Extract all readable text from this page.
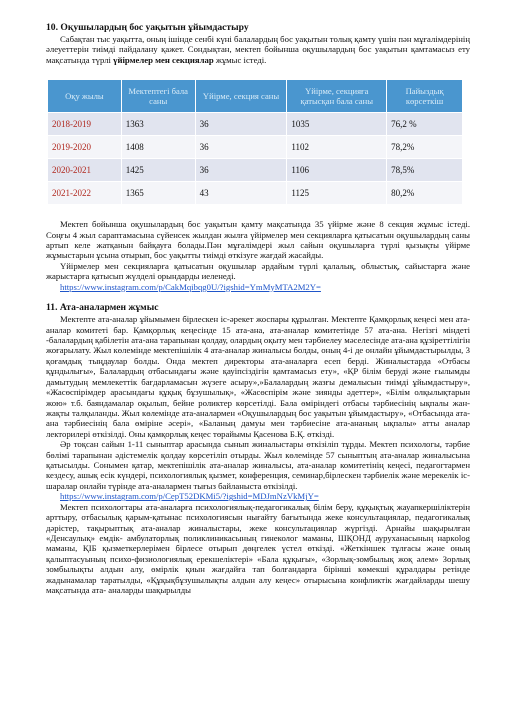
10. Оқушылардың бос уақытын ұйымдастыру

Сабақтан тыс уақытта, оның ішінде сенбі күні балалардың бос уақытын толық қамту үшін пән мұғалімдерінің әлеуеттерін тиімді пайдалану қажет. Сондықтан, мектеп бойынша оқушылардың бос уақытын қамтамасыз ету мақсатында түрлі үйірмелер мен секциялар жұмыс істеді.

Оқу жылы	Мектептегі бала саны	Үйірме, секция саны	Үйірме, секцияға қатысқан бала саны	Пайыздық көрсеткіш
2018-2019	1363	36	1035	76,2 %
2019-2020	1408	36	1102	78,2%
2020-2021	1425	36	1106	78,5%
2021-2022	1365	43	1125	80,2%

Мектеп бойынша оқушылардың бос уақытын қамту мақсатында 35 үйірме және 8 секция жұмыс істеді. Соңғы 4 жыл сараптамасына сүйенсек жылдан жылға үйірмелер мен секцияларға қатысатын оқушылардың саны артып келе жатқанын байқауға болады.Пән мұғалімдері жыл сайын оқушыларға түрлі қызықты үйірме жұмыстарын ұсына отырып, бос уақытты тиімді өткізуге жағдай жасайды.

Үйірмелер мен секцияларға қатысатын оқушылар әрдайым түрлі қалалық, облыстық, сайыстарға және жарыстарға қатысып жүлделі орындарды иеленеді.

https://www.instagram.com/p/CakMqibqg0U/?igshid=YmMyMTA2M2Y=
11. Ата-аналармен жұмыс

Мектепте ата-аналар ұйымымен бірлескен іс-әрекет жоспары құрылған. Мектепте Қамқорлық кеңесі мен ата-аналар комитеті бар. Қамқорлық кеңесінде 15 ата-ана, ата-аналар комитетінде 57 ата-ана. Негізгі міндеті -балалардың қабілетін ата-ана тарапынан қолдау, олардың оқыту мен тәрбиелеу мәселесінде ата-ана құзіреттілігін жоғарылату. Жыл көлемінде мектепішілік 4 ата-аналар жиналысы болды, оның 4-і де онлайн ұйымдастырылды, 3 қоғамдық тыңдаулар болды. Онда мектеп директоры ата-аналарға есеп берді. Жиналыстарда «Отбасы құндылығы», Балалардың отбасындағы және қауіпсіздігін қамтамасыз ету», «ҚР білім беруді және ғылымды дамытудың мемлекеттік бағдарламасын жүзеге асыру»,»Балалардың жазғы демалысын тиімді ұйымдастыру», «Жасөспірімдер арасындағы құқық бұзушылық», «Жасөспірім және зиянды әдеттер», «Білім олқылықтарын жою» т.б. баяндамалар оқылып, бейне роликтер көрсетілді. Бала өміріндегі отбасы тәрбиесінің ықпалы жан-жақты талқыланды. Жыл көлемінде ата-аналармен «Оқушылардың бос уақытын ұйымдастыру», «Отбасында ата-ана тәрбиесінің бала өміріне әсері», «Баланың дамуы мен тәрбиесіне ата-ананың ықпалы» атты аналар лекторилері өткізілді. Оны қамқорлық кеңес төрайымы Қасенова Б.Қ. өткізді.

Әр тоқсан сайын 1-11 сыныптар арасында сынып жиналыстары өткізіліп тұрды. Мектеп психологы, тәрбие бөлімі тарапынан әдістемелік қолдау көрсетіліп отырды. Жыл көлемінде 57 сыныптың ата-аналар жиналысына қатысылды. Сонымен қатар, мектепішілік ата-аналар жиналысы, ата-аналар комитетінің кеңесі, педагогтармен кездесу, ашық есік күндері, психологиялық қызмет, конференция, семинар,бірлескен тәрбиелік және мерекелік іс-шаралар онлайн түрінде ата-аналармен тығыз байланыста өткізілді.

https://www.instagram.com/p/CepT52DKMi5/?igshid=MDJmNzVkMjY=

Мектеп психологтары ата-аналарға психологиялық-педагогикалық білім беру, құқықтық жауапкершіліктерін арттыру, отбасылық қарым-қатынас психологиясын нығайту бағытында жеке консультациялар, педагогикалық дәрістер, тақырыптық ата-аналар жиналыстары, жеке консультациялар жүргізді. Арнайы шақырылған «Денсаулық» емдік- амбулаторлық поликлиникасының гинеколог маманы, ШҚОНД ауруханасының наркolog маманы, ҚІБ қызметкерлерімен бірлесе отырып дөңгелек үстел өткізді. «Жеткіншек тұлғасы және оның қалыптасуының психо-физиологиялық ерекшеліктері» «Бала құқығы», «Зорлық-зомбылық жоқ әлем» Зорлық зомбылықты алдын алу, өмірлік қиын жағдайға тап болғандарға бірінші көмекші құралдары ретінде жадынамалар таратылды, «Құқықбұзушылықты алдын алу кеңес» отырысына конфликтік жағдайларды шешу мақсатында ата- аналарды шақырылды
